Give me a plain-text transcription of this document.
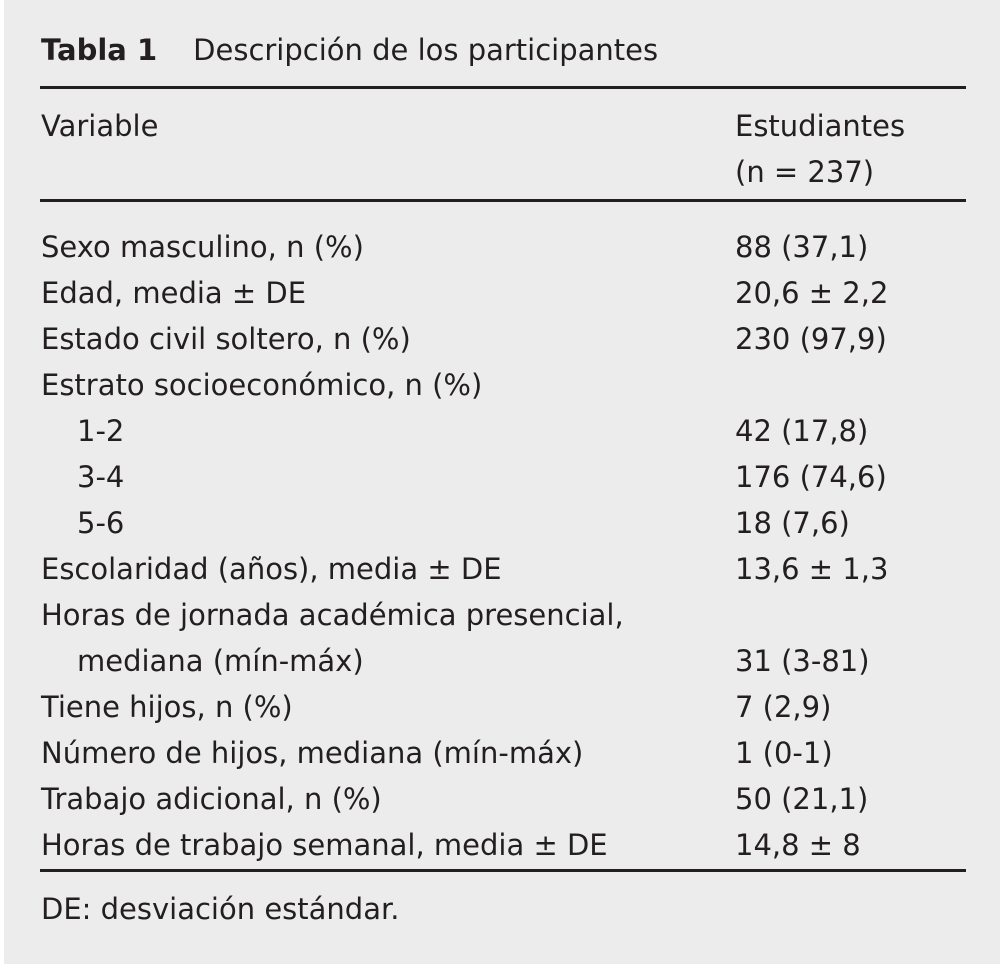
Tabla 1 Descripción de los participantes
Variable	Estudiantes
(n = 237)
Sexo masculino, n (%)	88 (37,1)
Edad, media ± DE	20,6 ± 2,2
Estado civil soltero, n (%)	230 (97,9)
Estrato socioeconómico, n (%)
1-2	42 (17,8)
3-4	176 (74,6)
5-6	18 (7,6)
Escolaridad (años), media ± DE	13,6 ± 1,3
Horas de jornada académica presencial,
mediana (mín-máx)	31 (3-81)
Tiene hijos, n (%)	7 (2,9)
Número de hijos, mediana (mín-máx)	1 (0-1)
Trabajo adicional, n (%)	50 (21,1)
Horas de trabajo semanal, media ± DE	14,8 ± 8
DE: desviación estándar.
